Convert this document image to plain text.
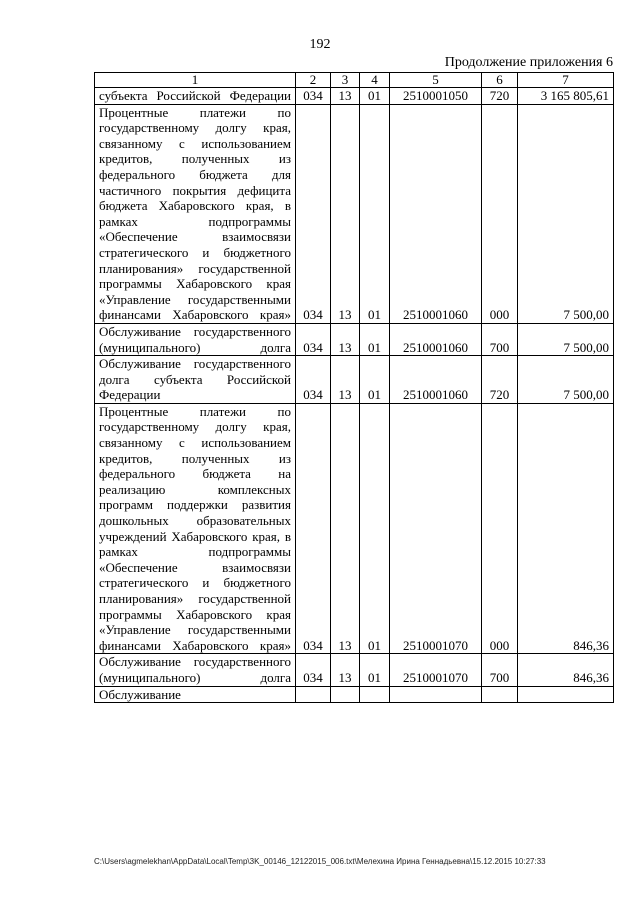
192
Продолжение приложения 6
1	2	3	4	5	6	7
субъекта Российской Федерации	034	13	01	2510001050	720	3 165 805,61
Процентные платежи по государственному долгу края, связанному с использованием кредитов, полученных из федерального бюджета для частичного покрытия дефицита бюджета Хабаровского края, в рамках подпрограммы «Обеспечение взаимосвязи стратегического и бюджетного планирования» государственной программы Хабаровского края «Управление государственными финансами Хабаровского края»	034	13	01	2510001060	000	7 500,00
Обслуживание государственного (муниципального) долга	034	13	01	2510001060	700	7 500,00
Обслуживание государственного долга субъекта Российской Федерации	034	13	01	2510001060	720	7 500,00
Процентные платежи по государственному долгу края, связанному с использованием кредитов, полученных из федерального бюджета на реализацию комплексных программ поддержки развития дошкольных образовательных учреждений Хабаровского края, в рамках подпрограммы «Обеспечение взаимосвязи стратегического и бюджетного планирования» государственной программы Хабаровского края «Управление государственными финансами Хабаровского края»	034	13	01	2510001070	000	846,36
Обслуживание государственного (муниципального) долга	034	13	01	2510001070	700	846,36
Обслуживание						
C:\Users\agmelekhan\AppData\Local\Temp\3K_00146_12122015_006.txt\Мелехина Ирина Геннадьевна\15.12.2015 10:27:33
